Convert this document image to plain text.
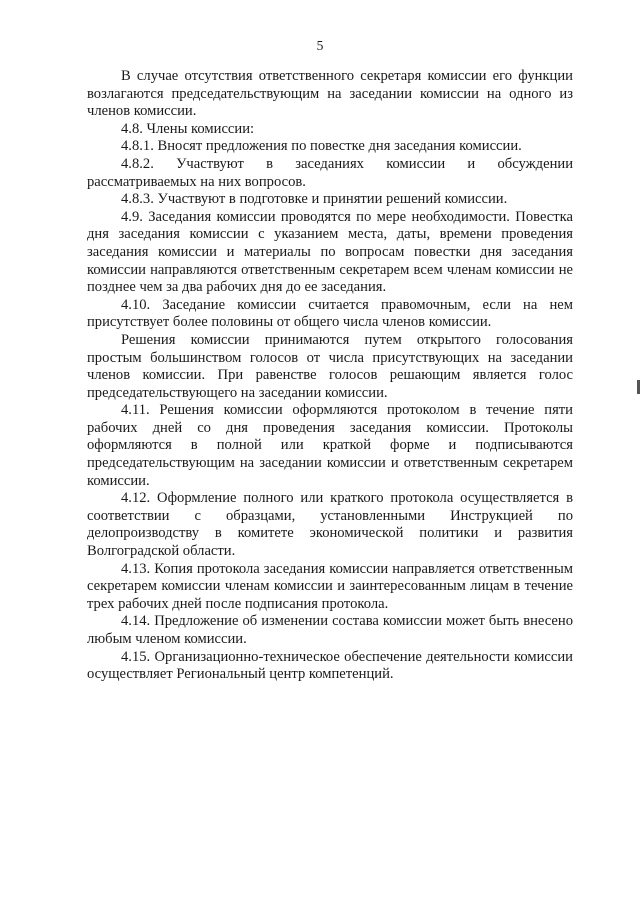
5

В случае отсутствия ответственного секретаря комиссии его функции возлагаются председательствующим на заседании комиссии на одного из членов комиссии.

4.8. Члены комиссии:

4.8.1. Вносят предложения по повестке дня заседания комиссии.

4.8.2. Участвуют в заседаниях комиссии и обсуждении рассматриваемых на них вопросов.

4.8.3. Участвуют в подготовке и принятии решений комиссии.

4.9. Заседания комиссии проводятся по мере необходимости. Повестка дня заседания комиссии с указанием места, даты, времени проведения заседания комиссии и материалы по вопросам повестки дня заседания комиссии направляются ответственным секретарем всем членам комиссии не позднее чем за два рабочих дня до ее заседания.

4.10. Заседание комиссии считается правомочным, если на нем присутствует более половины от общего числа членов комиссии.

Решения комиссии принимаются путем открытого голосования простым большинством голосов от числа присутствующих на заседании членов комиссии. При равенстве голосов решающим является голос председательствующего на заседании комиссии.

4.11. Решения комиссии оформляются протоколом в течение пяти рабочих дней со дня проведения заседания комиссии. Протоколы оформляются в полной или краткой форме и подписываются председательствующим на заседании комиссии и ответственным секретарем комиссии.

4.12. Оформление полного или краткого протокола осуществляется в соответствии с образцами, установленными Инструкцией по делопроизводству в комитете экономической политики и развития Волгоградской области.

4.13. Копия протокола заседания комиссии направляется ответственным секретарем комиссии членам комиссии и заинтересованным лицам в течение трех рабочих дней после подписания протокола.

4.14. Предложение об изменении состава комиссии может быть внесено любым членом комиссии.

4.15. Организационно-техническое обеспечение деятельности комиссии осуществляет Региональный центр компетенций.
